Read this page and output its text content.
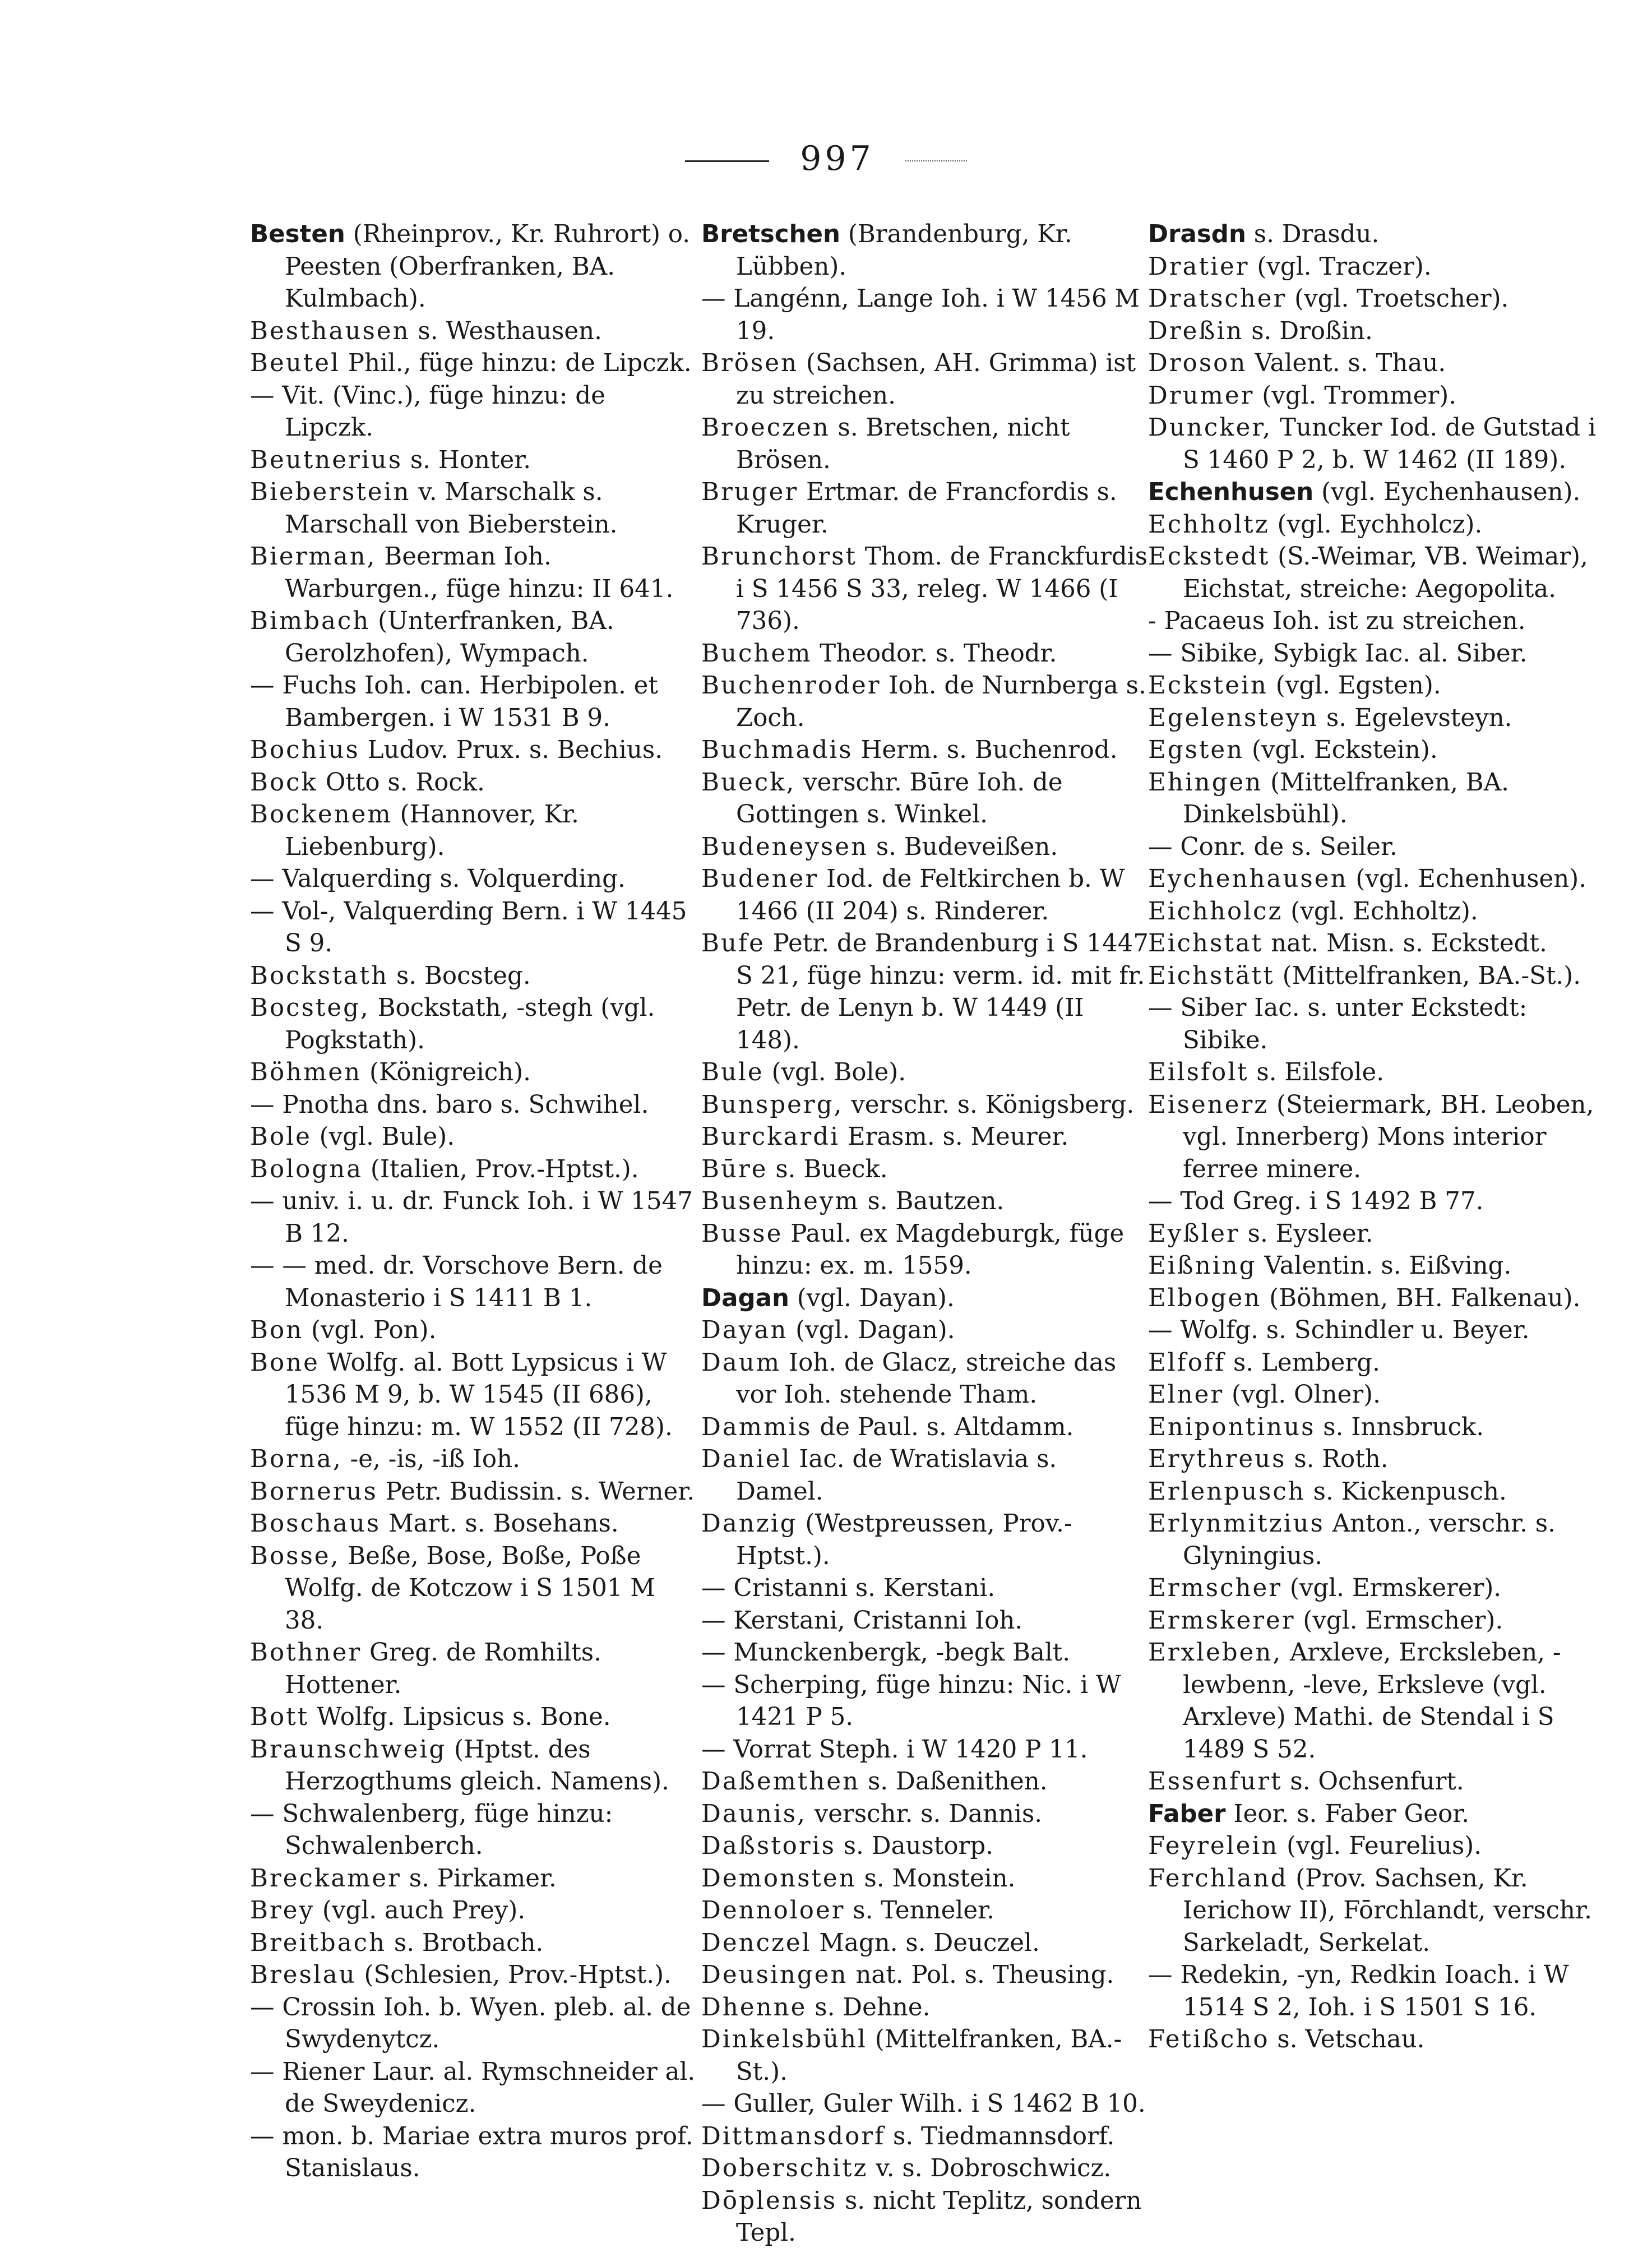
997

Besten (Rheinprov., Kr. Ruhrort) o. Peesten (Oberfranken, BA. Kulmbach).

Besthausen s. Westhausen.

Beutel Phil., füge hinzu: de Lipczk.

— Vit. (Vinc.), füge hinzu: de Lipczk.

Beutnerius s. Honter.

Bieberstein v. Marschalk s. Marschall von Bieberstein.

Bierman, Beerman Ioh. Warburgen., füge hinzu: II 641.

Bimbach (Unterfranken, BA. Gerolzhofen), Wympach.

— Fuchs Ioh. can. Herbipolen. et Bambergen. i W 1531 B 9.

Bochius Ludov. Prux. s. Bechius.

Bock Otto s. Rock.

Bockenem (Hannover, Kr. Liebenburg).

— Valquerding s. Volquerding.

— Vol-, Valquerding Bern. i W 1445 S 9.

Bockstath s. Bocsteg.

Bocsteg, Bockstath, -stegh (vgl. Pogkstath).

Böhmen (Königreich).

— Pnotha dns. baro s. Schwihel.

Bole (vgl. Bule).

Bologna (Italien, Prov.-Hptst.).

— univ. i. u. dr. Funck Ioh. i W 1547 B 12.

— — med. dr. Vorschove Bern. de Monasterio i S 1411 B 1.

Bon (vgl. Pon).

Bone Wolfg. al. Bott Lypsicus i W 1536 M 9, b. W 1545 (II 686), füge hinzu: m. W 1552 (II 728).

Borna, -e, -is, -iß Ioh.

Bornerus Petr. Budissin. s. Werner.

Boschaus Mart. s. Bosehans.

Bosse, Beße, Bose, Boße, Poße Wolfg. de Kotczow i S 1501 M 38.

Bothner Greg. de Romhilts. Hottener.

Bott Wolfg. Lipsicus s. Bone.

Braunschweig (Hptst. des Herzogthums gleich. Namens).

— Schwalenberg, füge hinzu: Schwalenberch.

Breckamer s. Pirkamer.

Brey (vgl. auch Prey).

Breitbach s. Brotbach.

Breslau (Schlesien, Prov.-Hptst.).

— Crossin Ioh. b. Wyen. pleb. al. de Swydenytcz.

— Riener Laur. al. Rymschneider al. de Sweydenicz.

— mon. b. Mariae extra muros prof. Stanislaus.

Bretschen (Brandenburg, Kr. Lübben).

— Langénn, Lange Ioh. i W 1456 M 19.

Brösen (Sachsen, AH. Grimma) ist zu streichen.

Broeczen s. Bretschen, nicht Brösen.

Bruger Ertmar. de Francfordis s. Kruger.

Brunchorst Thom. de Franckfurdis i S 1456 S 33, releg. W 1466 (I 736).

Buchem Theodor. s. Theodr.

Buchenroder Ioh. de Nurnberga s. Zoch.

Buchmadis Herm. s. Buchenrod.

Bueck, verschr. Būre Ioh. de Gottingen s. Winkel.

Budeneysen s. Budeveißen.

Budener Iod. de Feltkirchen b. W 1466 (II 204) s. Rinderer.

Bufe Petr. de Brandenburg i S 1447 S 21, füge hinzu: verm. id. mit fr. Petr. de Lenyn b. W 1449 (II 148).

Bule (vgl. Bole).

Bunsperg, verschr. s. Königsberg.

Burckardi Erasm. s. Meurer.

Būre s. Bueck.

Busenheym s. Bautzen.

Busse Paul. ex Magdeburgk, füge hinzu: ex. m. 1559.

Dagan (vgl. Dayan).

Dayan (vgl. Dagan).

Daum Ioh. de Glacz, streiche das vor Ioh. stehende Tham.

Dammis de Paul. s. Altdamm.

Daniel Iac. de Wratislavia s. Damel.

Danzig (Westpreussen, Prov.-Hptst.).

— Cristanni s. Kerstani.

— Kerstani, Cristanni Ioh.

— Munckenbergk, -begk Balt.

— Scherping, füge hinzu: Nic. i W 1421 P 5.

— Vorrat Steph. i W 1420 P 11.

Daßemthen s. Daßenithen.

Daunis, verschr. s. Dannis.

Daßstoris s. Daustorp.

Demonsten s. Monstein.

Dennoloer s. Tenneler.

Denczel Magn. s. Deuczel.

Deusingen nat. Pol. s. Theusing.

Dhenne s. Dehne.

Dinkelsbühl (Mittelfranken, BA.-St.).

— Guller, Guler Wilh. i S 1462 B 10.

Dittmansdorf s. Tiedmannsdorf.

Doberschitz v. s. Dobroschwicz.

Dōplensis s. nicht Teplitz, sondern Tepl.

Drasdn s. Drasdu.

Dratier (vgl. Traczer).

Dratscher (vgl. Troetscher).

Dreßin s. Droßin.

Droson Valent. s. Thau.

Drumer (vgl. Trommer).

Duncker, Tuncker Iod. de Gutstad i S 1460 P 2, b. W 1462 (II 189).

Echenhusen (vgl. Eychenhausen).

Echholtz (vgl. Eychholcz).

Eckstedt (S.-Weimar, VB. Weimar), Eichstat, streiche: Aegopolita.

- Pacaeus Ioh. ist zu streichen.

— Sibike, Sybigk Iac. al. Siber.

Eckstein (vgl. Egsten).

Egelensteyn s. Egelevsteyn.

Egsten (vgl. Eckstein).

Ehingen (Mittelfranken, BA. Dinkelsbühl).

— Conr. de s. Seiler.

Eychenhausen (vgl. Echenhusen).

Eichholcz (vgl. Echholtz).

Eichstat nat. Misn. s. Eckstedt.

Eichstätt (Mittelfranken, BA.-St.).

— Siber Iac. s. unter Eckstedt: Sibike.

Eilsfolt s. Eilsfole.

Eisenerz (Steiermark, BH. Leoben, vgl. Innerberg) Mons interior ferree minere.

— Tod Greg. i S 1492 B 77.

Eyßler s. Eysleer.

Eißning Valentin. s. Eißving.

Elbogen (Böhmen, BH. Falkenau).

— Wolfg. s. Schindler u. Beyer.

Elfoff s. Lemberg.

Elner (vgl. Olner).

Enipontinus s. Innsbruck.

Erythreus s. Roth.

Erlenpusch s. Kickenpusch.

Erlynmitzius Anton., verschr. s. Glyningius.

Ermscher (vgl. Ermskerer).

Ermskerer (vgl. Ermscher).

Erxleben, Arxleve, Ercksleben, -lewbenn, -leve, Erksleve (vgl. Arxleve) Mathi. de Stendal i S 1489 S 52.

Essenfurt s. Ochsenfurt.

Faber Ieor. s. Faber Geor.

Feyrelein (vgl. Feurelius).

Ferchland (Prov. Sachsen, Kr. Ierichow II), Fōrchlandt, verschr. Sarkeladt, Serkelat.

— Redekin, -yn, Redkin Ioach. i W 1514 S 2, Ioh. i S 1501 S 16.

Fetißcho s. Vetschau.
